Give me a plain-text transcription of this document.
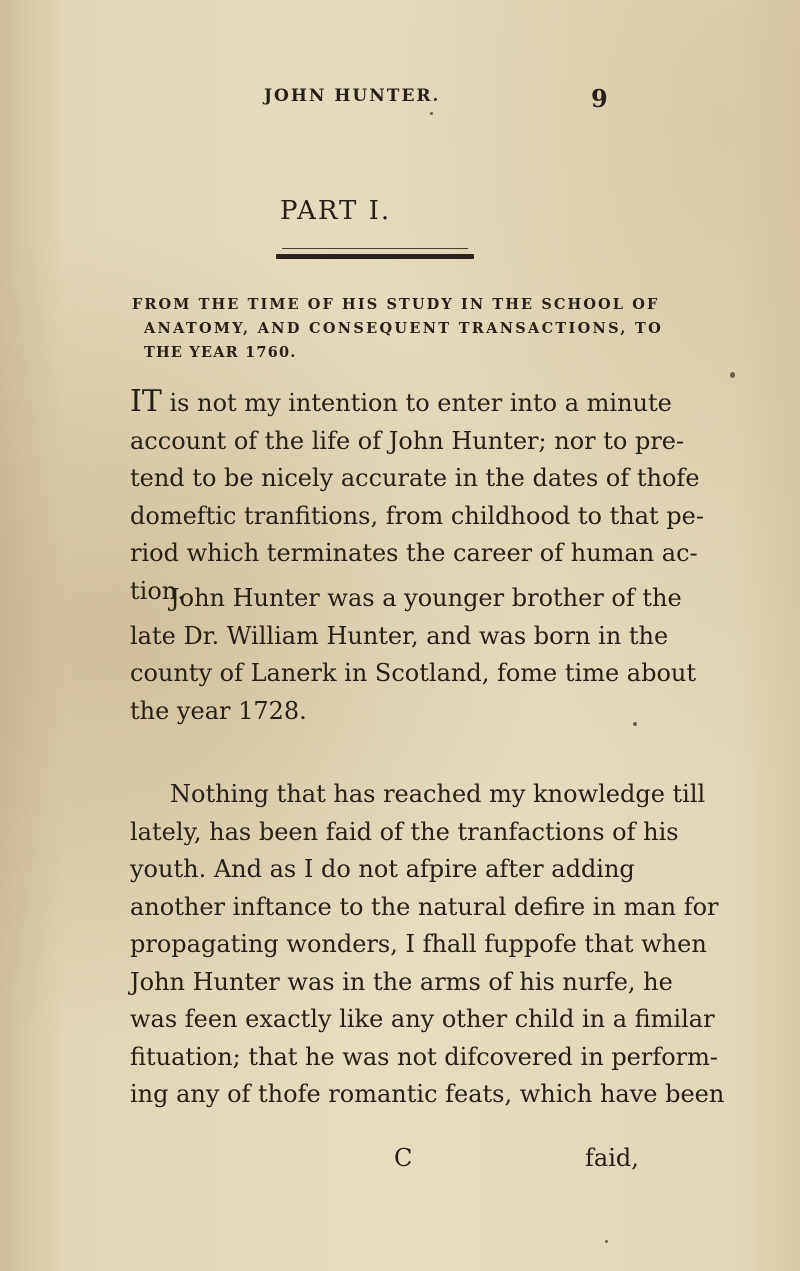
JOHN HUNTER.	9
PART I.
FROM THE TIME OF HIS STUDY IN THE SCHOOL OF
ANATOMY, AND CONSEQUENT TRANSACTIONS, TO
THE YEAR 1760.
IT is not my intention to enter into a minute
account of the life of John Hunter; nor to pre-
tend to be nicely accurate in the dates of thofe
domeftic tranfitions, from childhood to that pe-
riod which terminates the career of human ac-
tion.
John Hunter was a younger brother of the
late Dr. William Hunter, and was born in the
county of Lanerk in Scotland, fome time about
the year 1728.
Nothing that has reached my knowledge till
lately, has been faid of the tranfactions of his
youth. And as I do not afpire after adding
another inftance to the natural defire in man for
propagating wonders, I fhall fuppofe that when
John Hunter was in the arms of his nurfe, he
was feen exactly like any other child in a fimilar
fituation; that he was not difcovered in perform-
ing any of thofe romantic feats, which have been
C	faid,
